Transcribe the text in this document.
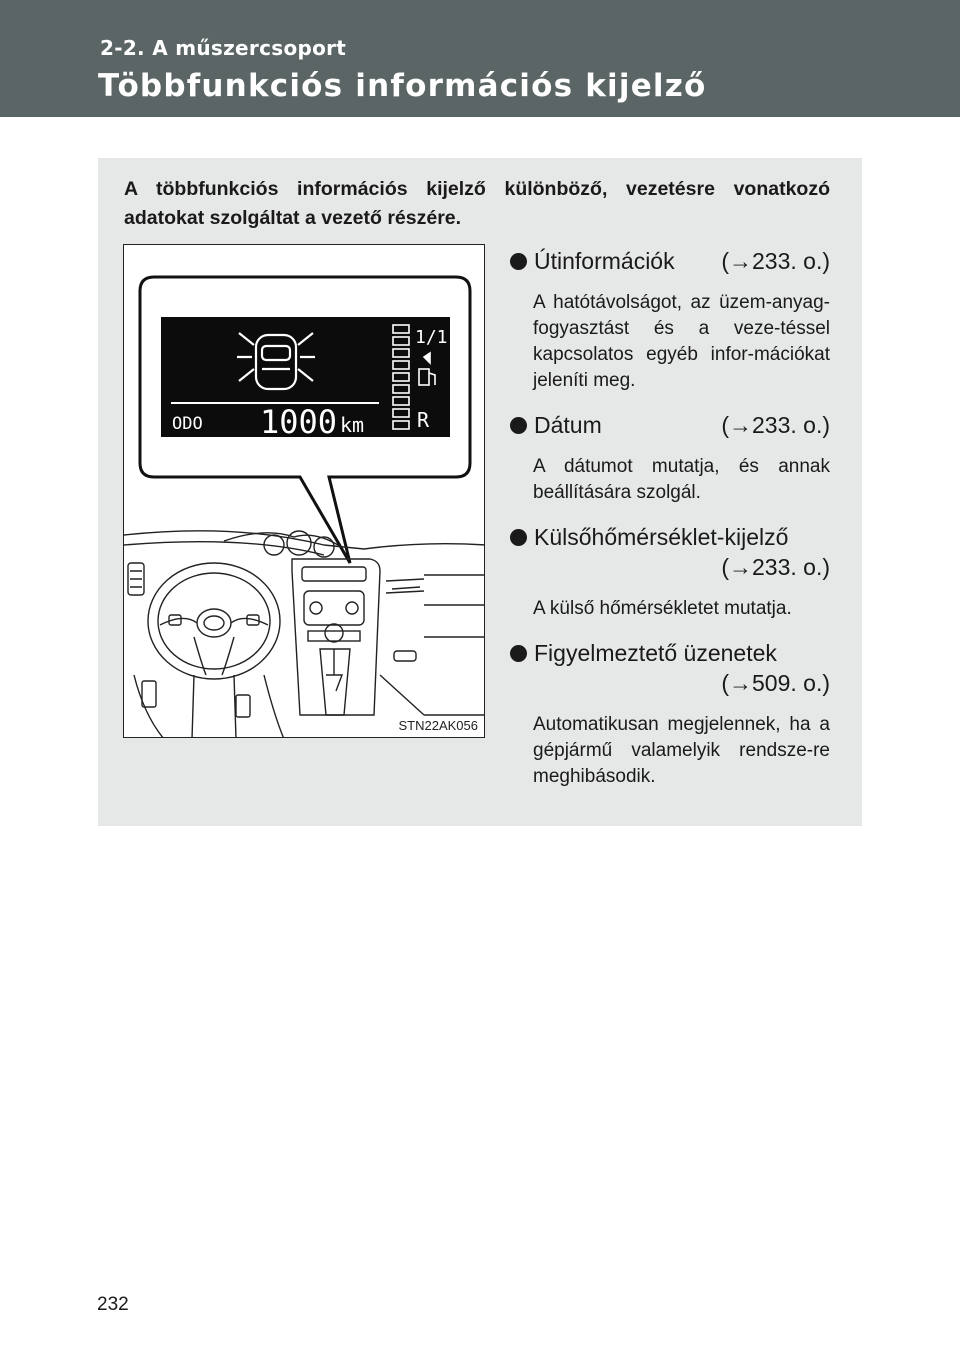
2-2. A műszercsoport
Többfunkciós információs kijelző
A többfunkciós információs kijelző különböző, vezetésre vonatkozó adatokat szolgáltat a vezető részére.
ODO 1000 km
1/1
R
STN22AK056
Útinformációk (→233. o.)
A hatótávolságot, az üzem-anyag-fogyasztást és a veze-téssel kapcsolatos egyéb infor-mációkat jeleníti meg.
Dátum	(→233. o.)
A dátumot mutatja, és annak beállítására szolgál.
Külsőhőmérséklet-kijelző
(→233. o.)
A külső hőmérsékletet mutatja.
Figyelmeztető üzenetek
(→509. o.)
Automatikusan megjelennek, ha a gépjármű valamelyik rendsze-re meghibásodik.
232
